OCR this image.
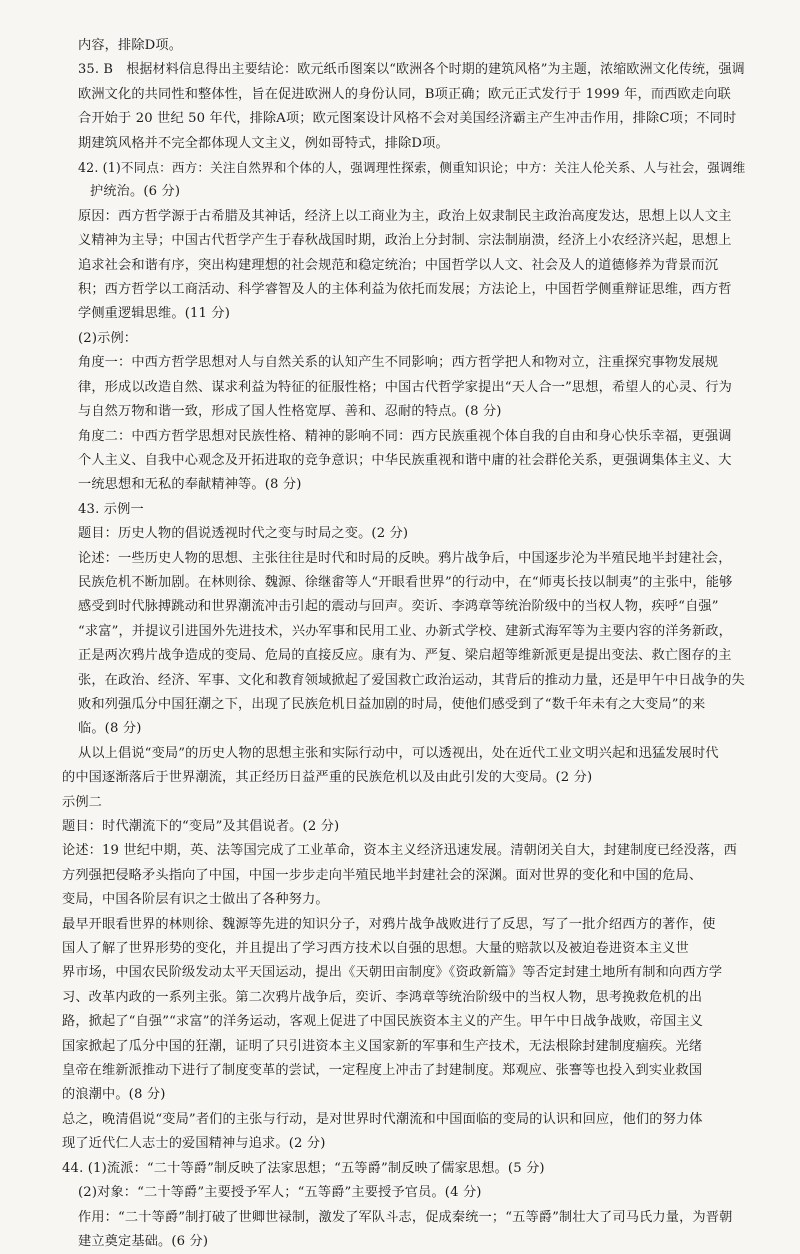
内容，排除D项。

35. B　根据材料信息得出主要结论：欧元纸币图案以“欧洲各个时期的建筑风格”为主题，浓缩欧洲文化传统，强调

欧洲文化的共同性和整体性，旨在促进欧洲人的身份认同，B项正确；欧元正式发行于 1999 年，而西欧走向联

合开始于 20 世纪 50 年代，排除A项；欧元图案设计风格不会对美国经济霸主产生冲击作用，排除C项；不同时

期建筑风格并不完全都体现人文主义，例如哥特式，排除D项。

42. (1)不同点：西方：关注自然界和个体的人，强调理性探索，侧重知识论；中方：关注人伦关系、人与社会，强调维

护统治。(6 分)

原因：西方哲学源于古希腊及其神话，经济上以工商业为主，政治上奴隶制民主政治高度发达，思想上以人文主

义精神为主导；中国古代哲学产生于春秋战国时期，政治上分封制、宗法制崩溃，经济上小农经济兴起，思想上

追求社会和谐有序，突出构建理想的社会规范和稳定统治；中国哲学以人文、社会及人的道德修养为背景而沉

积；西方哲学以工商活动、科学睿智及人的主体利益为依托而发展；方法论上，中国哲学侧重辩证思维，西方哲

学侧重逻辑思维。(11 分)

(2)示例：

角度一：中西方哲学思想对人与自然关系的认知产生不同影响；西方哲学把人和物对立，注重探究事物发展规

律，形成以改造自然、谋求利益为特征的征服性格；中国古代哲学家提出“天人合一”思想，希望人的心灵、行为

与自然万物和谐一致，形成了国人性格宽厚、善和、忍耐的特点。(8 分)

角度二：中西方哲学思想对民族性格、精神的影响不同：西方民族重视个体自我的自由和身心快乐幸福，更强调

个人主义、自我中心观念及开拓进取的竞争意识；中华民族重视和谐中庸的社会群伦关系，更强调集体主义、大

一统思想和无私的奉献精神等。(8 分)

43. 示例一

题目：历史人物的倡说透视时代之变与时局之变。(2 分)

论述：一些历史人物的思想、主张往往是时代和时局的反映。鸦片战争后，中国逐步沦为半殖民地半封建社会，

民族危机不断加剧。在林则徐、魏源、徐继畬等人“开眼看世界”的行动中，在“师夷长技以制夷”的主张中，能够

感受到时代脉搏跳动和世界潮流冲击引起的震动与回声。奕䜣、李鸿章等统治阶级中的当权人物，疾呼“自强”

“求富”，并提议引进国外先进技术，兴办军事和民用工业、办新式学校、建新式海军等为主要内容的洋务新政，

正是两次鸦片战争造成的变局、危局的直接反应。康有为、严复、梁启超等维新派更是提出变法、救亡图存的主

张，在政治、经济、军事、文化和教育领域掀起了爱国救亡政治运动，其背后的推动力量，还是甲午中日战争的失

败和列强瓜分中国狂潮之下，出现了民族危机日益加剧的时局，使他们感受到了“数千年未有之大变局”的来

临。(8 分)

从以上倡说“变局”的历史人物的思想主张和实际行动中，可以透视出，处在近代工业文明兴起和迅猛发展时代

的中国逐渐落后于世界潮流，其正经历日益严重的民族危机以及由此引发的大变局。(2 分)

示例二

题目：时代潮流下的“变局”及其倡说者。(2 分)

论述：19 世纪中期，英、法等国完成了工业革命，资本主义经济迅速发展。清朝闭关自大，封建制度已经没落，西

方列强把侵略矛头指向了中国，中国一步步走向半殖民地半封建社会的深渊。面对世界的变化和中国的危局、

变局，中国各阶层有识之士做出了各种努力。

最早开眼看世界的林则徐、魏源等先进的知识分子，对鸦片战争战败进行了反思，写了一批介绍西方的著作，使

国人了解了世界形势的变化，并且提出了学习西方技术以自强的思想。大量的赔款以及被迫卷进资本主义世

界市场，中国农民阶级发动太平天国运动，提出《天朝田亩制度》《资政新篇》等否定封建土地所有制和向西方学

习、改革内政的一系列主张。第二次鸦片战争后，奕䜣、李鸿章等统治阶级中的当权人物，思考挽救危机的出

路，掀起了“自强”“求富”的洋务运动，客观上促进了中国民族资本主义的产生。甲午中日战争战败，帝国主义

国家掀起了瓜分中国的狂潮，证明了只引进资本主义国家新的军事和生产技术，无法根除封建制度痼疾。光绪

皇帝在维新派推动下进行了制度变革的尝试，一定程度上冲击了封建制度。郑观应、张謇等也投入到实业救国

的浪潮中。(8 分)

总之，晚清倡说“变局”者们的主张与行动，是对世界时代潮流和中国面临的变局的认识和回应，他们的努力体

现了近代仁人志士的爱国精神与追求。(2 分)

44. (1)流派：“二十等爵”制反映了法家思想；“五等爵”制反映了儒家思想。(5 分)

(2)对象：“二十等爵”主要授予军人；“五等爵”主要授予官员。(4 分)

作用：“二十等爵”制打破了世卿世禄制，激发了军队斗志，促成秦统一；“五等爵”制壮大了司马氏力量，为晋朝

建立奠定基础。(6 分)
